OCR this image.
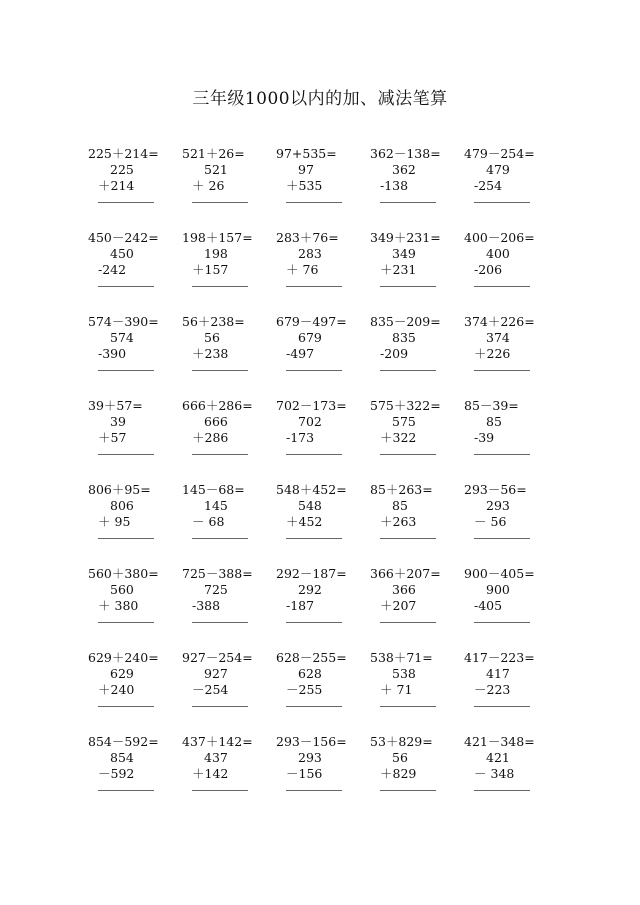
三年级1000以内的加、减法笔算
225＋214=
225
＋214
521＋26=
521
＋ 26
97+535=
97
＋535
362－138=
362
-138
479－254=
479
-254
450－242=
450
-242
198＋157=
198
＋157
283＋76=
283
＋ 76
349＋231=
349
＋231
400－206=
400
-206
574－390=
574
-390
56＋238=
56
＋238
679－497=
679
-497
835－209=
835
-209
374＋226=
374
＋226
39＋57=
39
＋57
666＋286=
666
＋286
702－173=
702
-173
575＋322=
575
＋322
85－39=
85
-39
806＋95=
806
＋ 95
145－68=
145
－ 68
548＋452=
548
＋452
85＋263=
85
＋263
293－56=
293
－ 56
560＋380=
560
＋ 380
725－388=
725
-388
292－187=
292
-187
366＋207=
366
＋207
900－405=
900
-405
629＋240=
629
＋240
927－254=
927
－254
628－255=
628
－255
538＋71=
538
＋ 71
417－223=
417
－223
854－592=
854
－592
437＋142=
437
＋142
293－156=
293
－156
53＋829=
56
＋829
421－348=
421
－ 348
